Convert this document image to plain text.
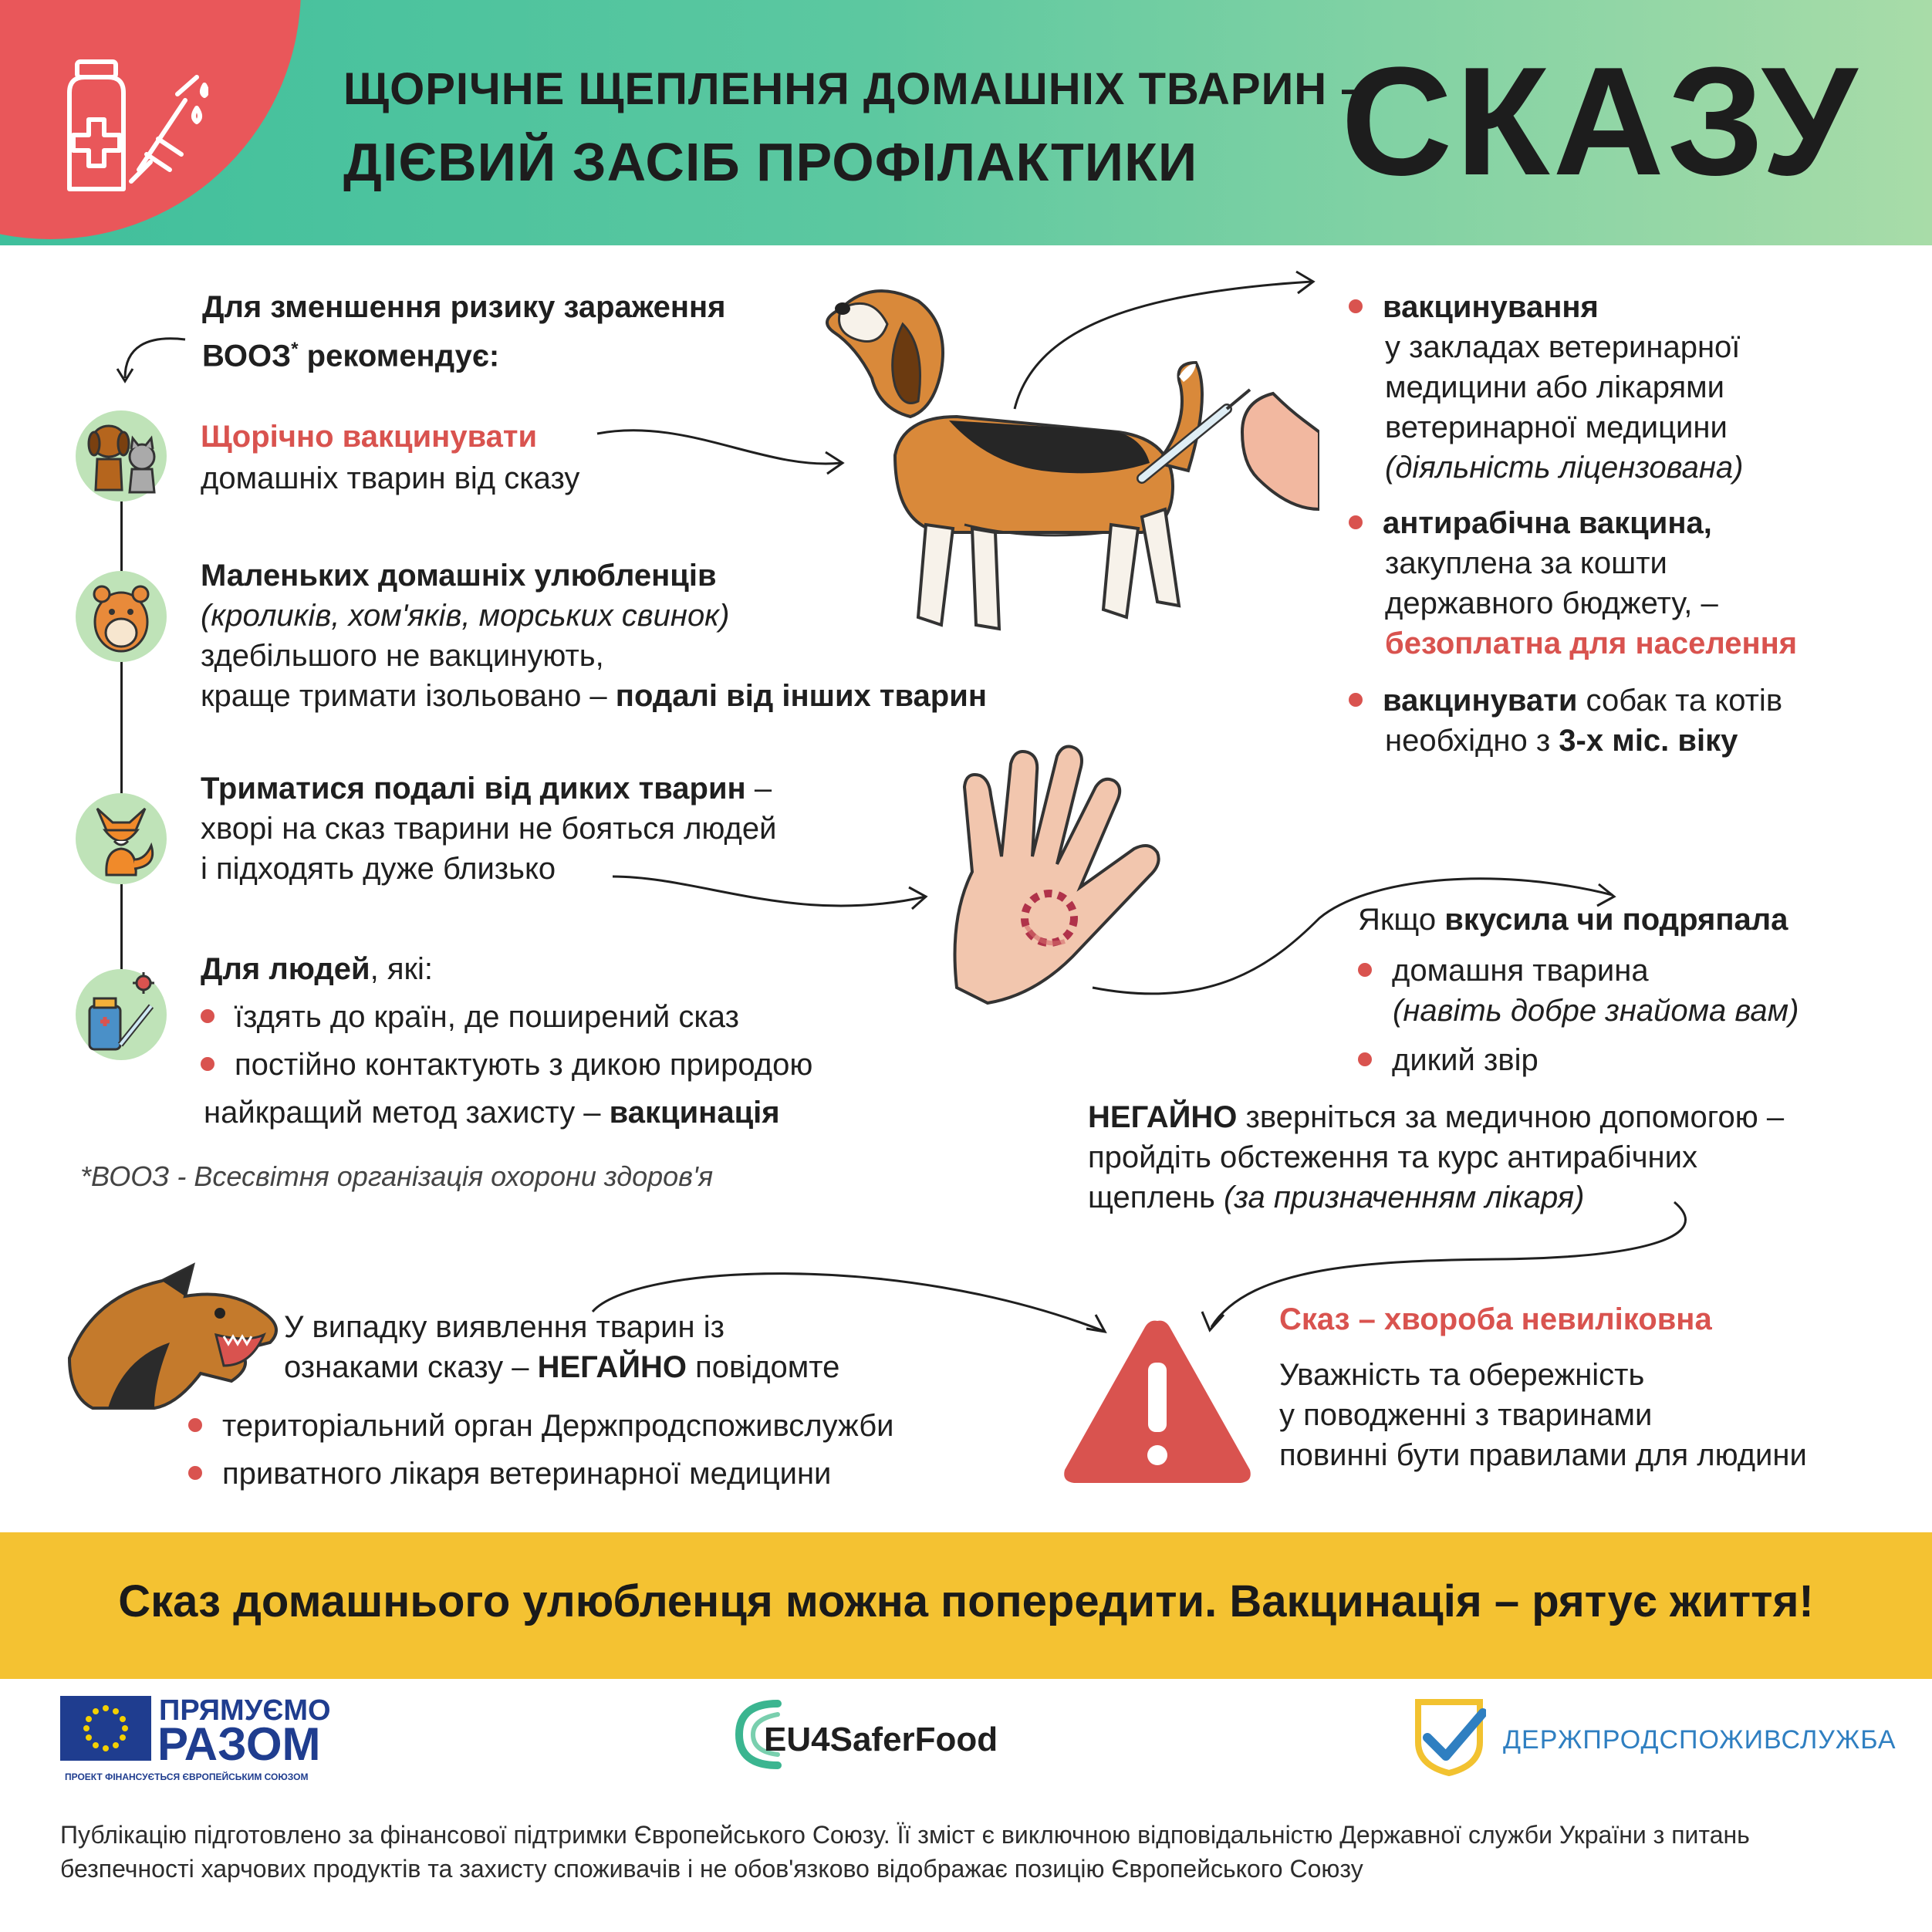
ЩОРІЧНЕ ЩЕПЛЕННЯ ДОМАШНІХ ТВАРИН –
ДІЄВИЙ ЗАСІБ ПРОФІЛАКТИКИ СКАЗУ
Для зменшення ризику зараження
ВООЗ* рекомендує:
Щорічно вакцинувати
домашніх тварин від сказу
Маленьких домашніх улюбленців
(кроликів, хом'яків, морських свинок)
здебільшого не вакцинують,
краще тримати ізольовано – подалі від інших тварин
Триматися подалі від диких тварин –
хворі на сказ тварини не бояться людей
і підходять дуже близько
Для людей, які:
їздять до країн, де поширений сказ
постійно контактують з дикою природою
найкращий метод захисту – вакцинація
*ВООЗ - Всесвітня організація охорони здоров'я
вакцинування
у закладах ветеринарної
медицини або лікарями
ветеринарної медицини
(діяльність ліцензована)
антирабічна вакцина,
закуплена за кошти
державного бюджету, –
безоплатна для населення
вакцинувати собак та котів
необхідно з 3-х міс. віку
Якщо вкусила чи подряпала
домашня тварина
(навіть добре знайома вам)
дикий звір
НЕГАЙНО зверніться за медичною допомогою –
пройдіть обстеження та курс антирабічних
щеплень (за призначенням лікаря)
У випадку виявлення тварин із
ознаками сказу – НЕГАЙНО повідомте
територіальний орган Держпродспоживслужби
приватного лікаря ветеринарної медицини
Сказ – хвороба невиліковна
Уважність та обережність
у поводженні з тваринами
повинні бути правилами для людини
Сказ домашнього улюбленця можна попередити. Вакцинація – рятує життя!
ПРЯМУЄМО
РАЗОМ
ПРОЕКТ ФІНАНСУЄТЬСЯ ЄВРОПЕЙСЬКИМ СОЮЗОМ
EU4SaferFood	ДЕРЖПРОДСПОЖИВСЛУЖБА
Публікацію підготовлено за фінансової підтримки Європейського Союзу. Її зміст є виключною відповідальністю Державної служби України з питань безпечності харчових продуктів та захисту споживачів і не обов'язково відображає позицію Європейського Союзу
